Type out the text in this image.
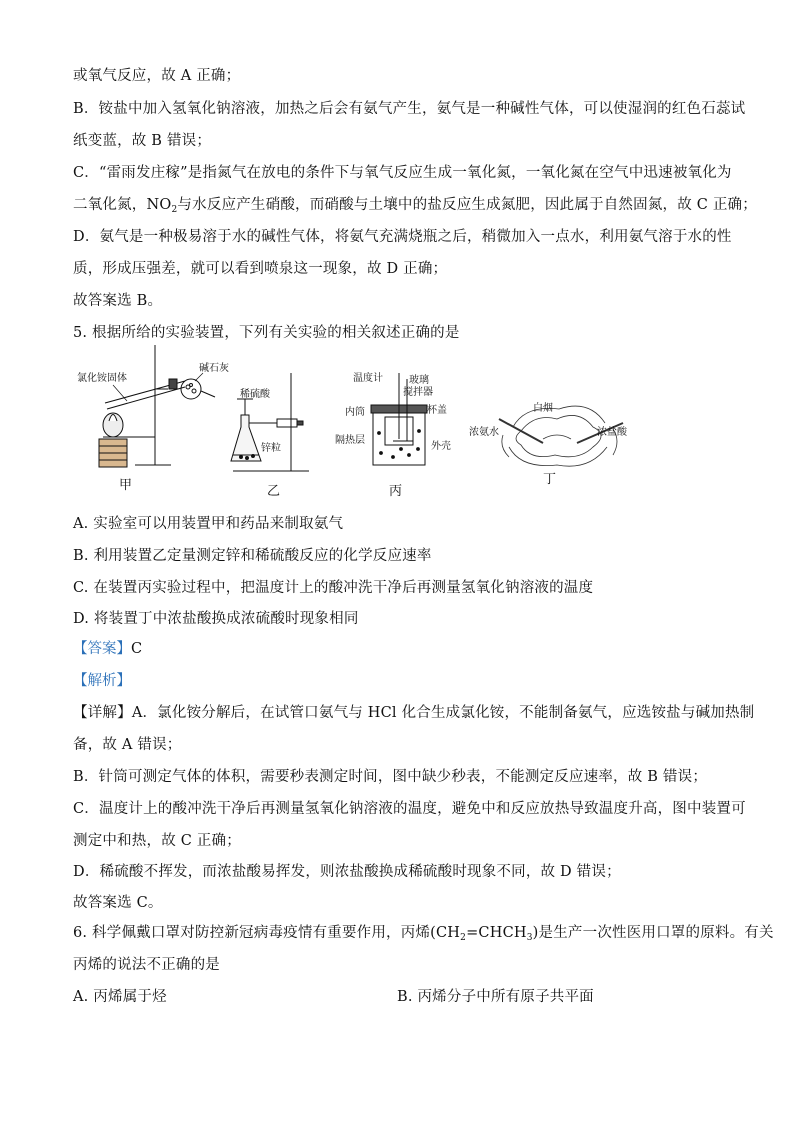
或氧气反应，故 A 正确；
B．铵盐中加入氢氧化钠溶液，加热之后会有氨气产生，氨气是一种碱性气体，可以使湿润的红色石蕊试
纸变蓝，故 B 错误；
C．“雷雨发庄稼”是指氮气在放电的条件下与氧气反应生成一氧化氮，一氧化氮在空气中迅速被氧化为
二氧化氮，$NO_2$与水反应产生硝酸，而硝酸与土壤中的盐反应生成氮肥，因此属于自然固氮，故 C 正确；
D．氨气是一种极易溶于水的碱性气体，将氨气充满烧瓶之后，稍微加入一点水，利用氨气溶于水的性
质，形成压强差，就可以看到喷泉这一现象，故 D 正确；
故答案选 B。
5. 根据所给的实验装置，下列有关实验的相关叙述正确的是
氯化铵固体
碱石灰
稀硫酸
锌粒
温度计	玻璃
搅拌器
内筒	杯盖
隔热层
外壳
白烟
浓氨水	浓盐酸
甲	乙	丙
丁
A. 实验室可以用装置甲和药品来制取氨气
B. 利用装置乙定量测定锌和稀硫酸反应的化学反应速率
C. 在装置丙实验过程中，把温度计上的酸冲洗干净后再测量氢氧化钠溶液的温度
D. 将装置丁中浓盐酸换成浓硫酸时现象相同
【答案】C
【解析】
【详解】A．氯化铵分解后，在试管口氨气与 HCl 化合生成氯化铵，不能制备氨气，应选铵盐与碱加热制
备，故 A 错误；
B．针筒可测定气体的体积，需要秒表测定时间，图中缺少秒表，不能测定反应速率，故 B 错误；
C．温度计上的酸冲洗干净后再测量氢氧化钠溶液的温度，避免中和反应放热导致温度升高，图中装置可
测定中和热，故 C 正确；
D．稀硫酸不挥发，而浓盐酸易挥发，则浓盐酸换成稀硫酸时现象不同，故 D 错误；
故答案选 C。
6. 科学佩戴口罩对防控新冠病毒疫情有重要作用，丙烯$(CH_2=CHCH_3)$是生产一次性医用口罩的原料。有关
丙烯的说法不正确的是
A. 丙烯属于烃	B. 丙烯分子中所有原子共平面
